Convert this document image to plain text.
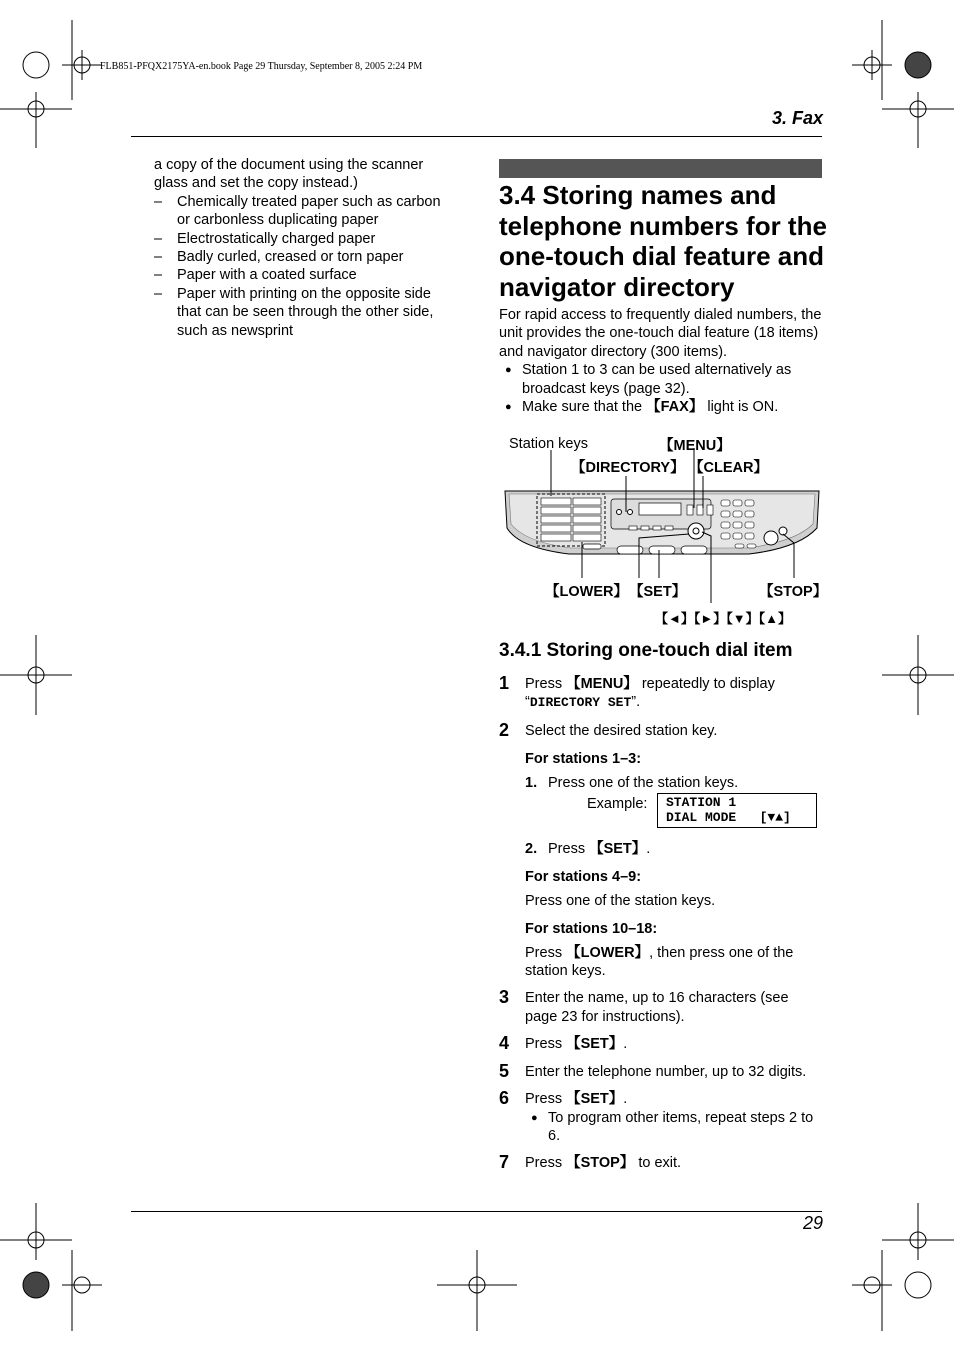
FLB851-PFQX2175YA-en.book Page 29 Thursday, September 8, 2005 2:24 PM
3. Fax

a copy of the document using the scanner glass and set the copy instead.)

– Chemically treated paper such as carbon or carbonless duplicating paper
– Electrostatically charged paper
– Badly curled, creased or torn paper
– Paper with a coated surface
– Paper with printing on the opposite side that can be seen through the other side, such as newsprint
3.4 Storing names and telephone numbers for the one-touch dial feature and navigator directory

For rapid access to frequently dialed numbers, the unit provides the one-touch dial feature (18 items) and navigator directory (300 items).

● Station 1 to 3 can be used alternatively as broadcast keys (page 32).
● Make sure that the 【FAX】 light is ON.
Station keys	【MENU】
【DIRECTORY】 【CLEAR】
【LOWER】 【SET】	【STOP】
【◄】【►】【▼】【▲】
3.4.1 Storing one-touch dial item
1 Press 【MENU】 repeatedly to display “DIRECTORY SET”.
2 Select the desired station key.
For stations 1–3:
1. Press one of the station keys.
Example:	STATION 1
DIAL MODE   [▼▲]
2. Press 【SET】.
For stations 4–9:
Press one of the station keys.
For stations 10–18:
Press 【LOWER】, then press one of the station keys.
3 Enter the name, up to 16 characters (see page 23 for instructions).
4 Press 【SET】.
5 Enter the telephone number, up to 32 digits.
6 Press 【SET】.
● To program other items, repeat steps 2 to 6.
7 Press 【STOP】 to exit.
29
